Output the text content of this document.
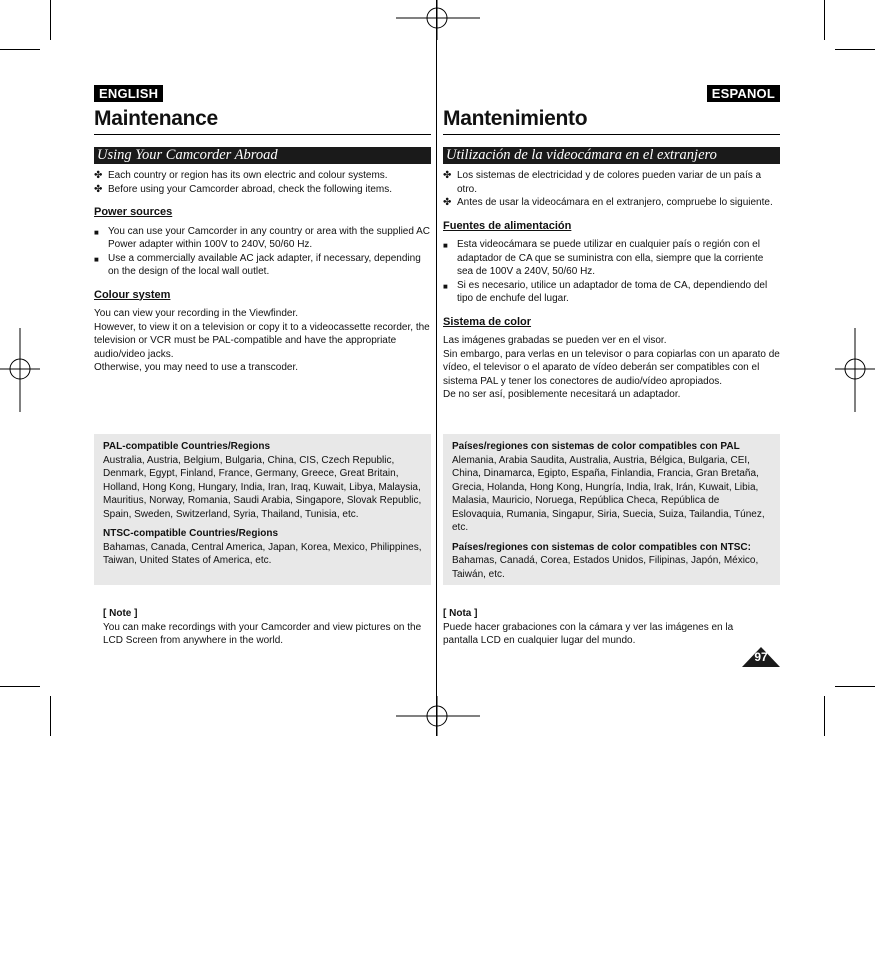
ENGLISH
Maintenance
Using Your Camcorder Abroad
✤ Each country or region has its own electric and colour systems.
✤ Before using your Camcorder abroad, check the following items.
Power sources
■ You can use your Camcorder in any country or area with the supplied AC Power adapter within 100V to 240V, 50/60 Hz.
■ Use a commercially available AC jack adapter, if necessary, depending on the design of the local wall outlet.
Colour system
You can view your recording in the Viewfinder.
However, to view it on a television or copy it to a videocassette recorder, the television or VCR must be PAL-compatible and have the appropriate audio/video jacks.
Otherwise, you may need to use a transcoder.
PAL-compatible Countries/Regions

Australia, Austria, Belgium, Bulgaria, China, CIS, Czech Republic, Denmark, Egypt, Finland, France, Germany, Greece, Great Britain, Holland, Hong Kong, Hungary, India, Iran, Iraq, Kuwait, Libya, Malaysia, Mauritius, Norway, Romania, Saudi Arabia, Singapore, Slovak Republic, Spain, Sweden, Switzerland, Syria, Thailand, Tunisia, etc.

NTSC-compatible Countries/Regions

Bahamas, Canada, Central America, Japan, Korea, Mexico, Philippines, Taiwan, United States of America, etc.

[ Note ]
You can make recordings with your Camcorder and view pictures on the LCD Screen from anywhere in the world.
ESPANOL
Mantenimiento
Utilización de la videocámara en el extranjero
✤ Los sistemas de electricidad y de colores pueden variar de un país a otro.
✤ Antes de usar la videocámara en el extranjero, compruebe lo siguiente.
Fuentes de alimentación
■ Esta videocámara se puede utilizar en cualquier país o región con el adaptador de CA que se suministra con ella, siempre que la corriente sea de 100V a 240V, 50/60 Hz.
■ Si es necesario, utilice un adaptador de toma de CA, dependiendo del tipo de enchufe del lugar.
Sistema de color
Las imágenes grabadas se pueden ver en el visor.
Sin embargo, para verlas en un televisor o para copiarlas con un aparato de vídeo, el televisor o el aparato de vídeo deberán ser compatibles con el sistema PAL y tener los conectores de audio/vídeo apropiados.
De no ser así, posiblemente necesitará un adaptador.
Países/regiones con sistemas de color compatibles con PAL

Alemania, Arabia Saudita, Australia, Austria, Bélgica, Bulgaria, CEI, China, Dinamarca, Egipto, España, Finlandia, Francia, Gran Bretaña, Grecia, Holanda, Hong Kong, Hungría, India, Irak, Irán, Kuwait, Libia, Malasia, Mauricio, Noruega, República Checa, República de Eslovaquia, Rumania, Singapur, Siria, Suecia, Suiza, Tailandia, Túnez, etc.

Países/regiones con sistemas de color compatibles con NTSC:

Bahamas, Canadá, Corea, Estados Unidos, Filipinas, Japón, México, Taiwán, etc.

[ Nota ]
Puede hacer grabaciones con la cámara y ver las imágenes en la pantalla LCD en cualquier lugar del mundo.
97
